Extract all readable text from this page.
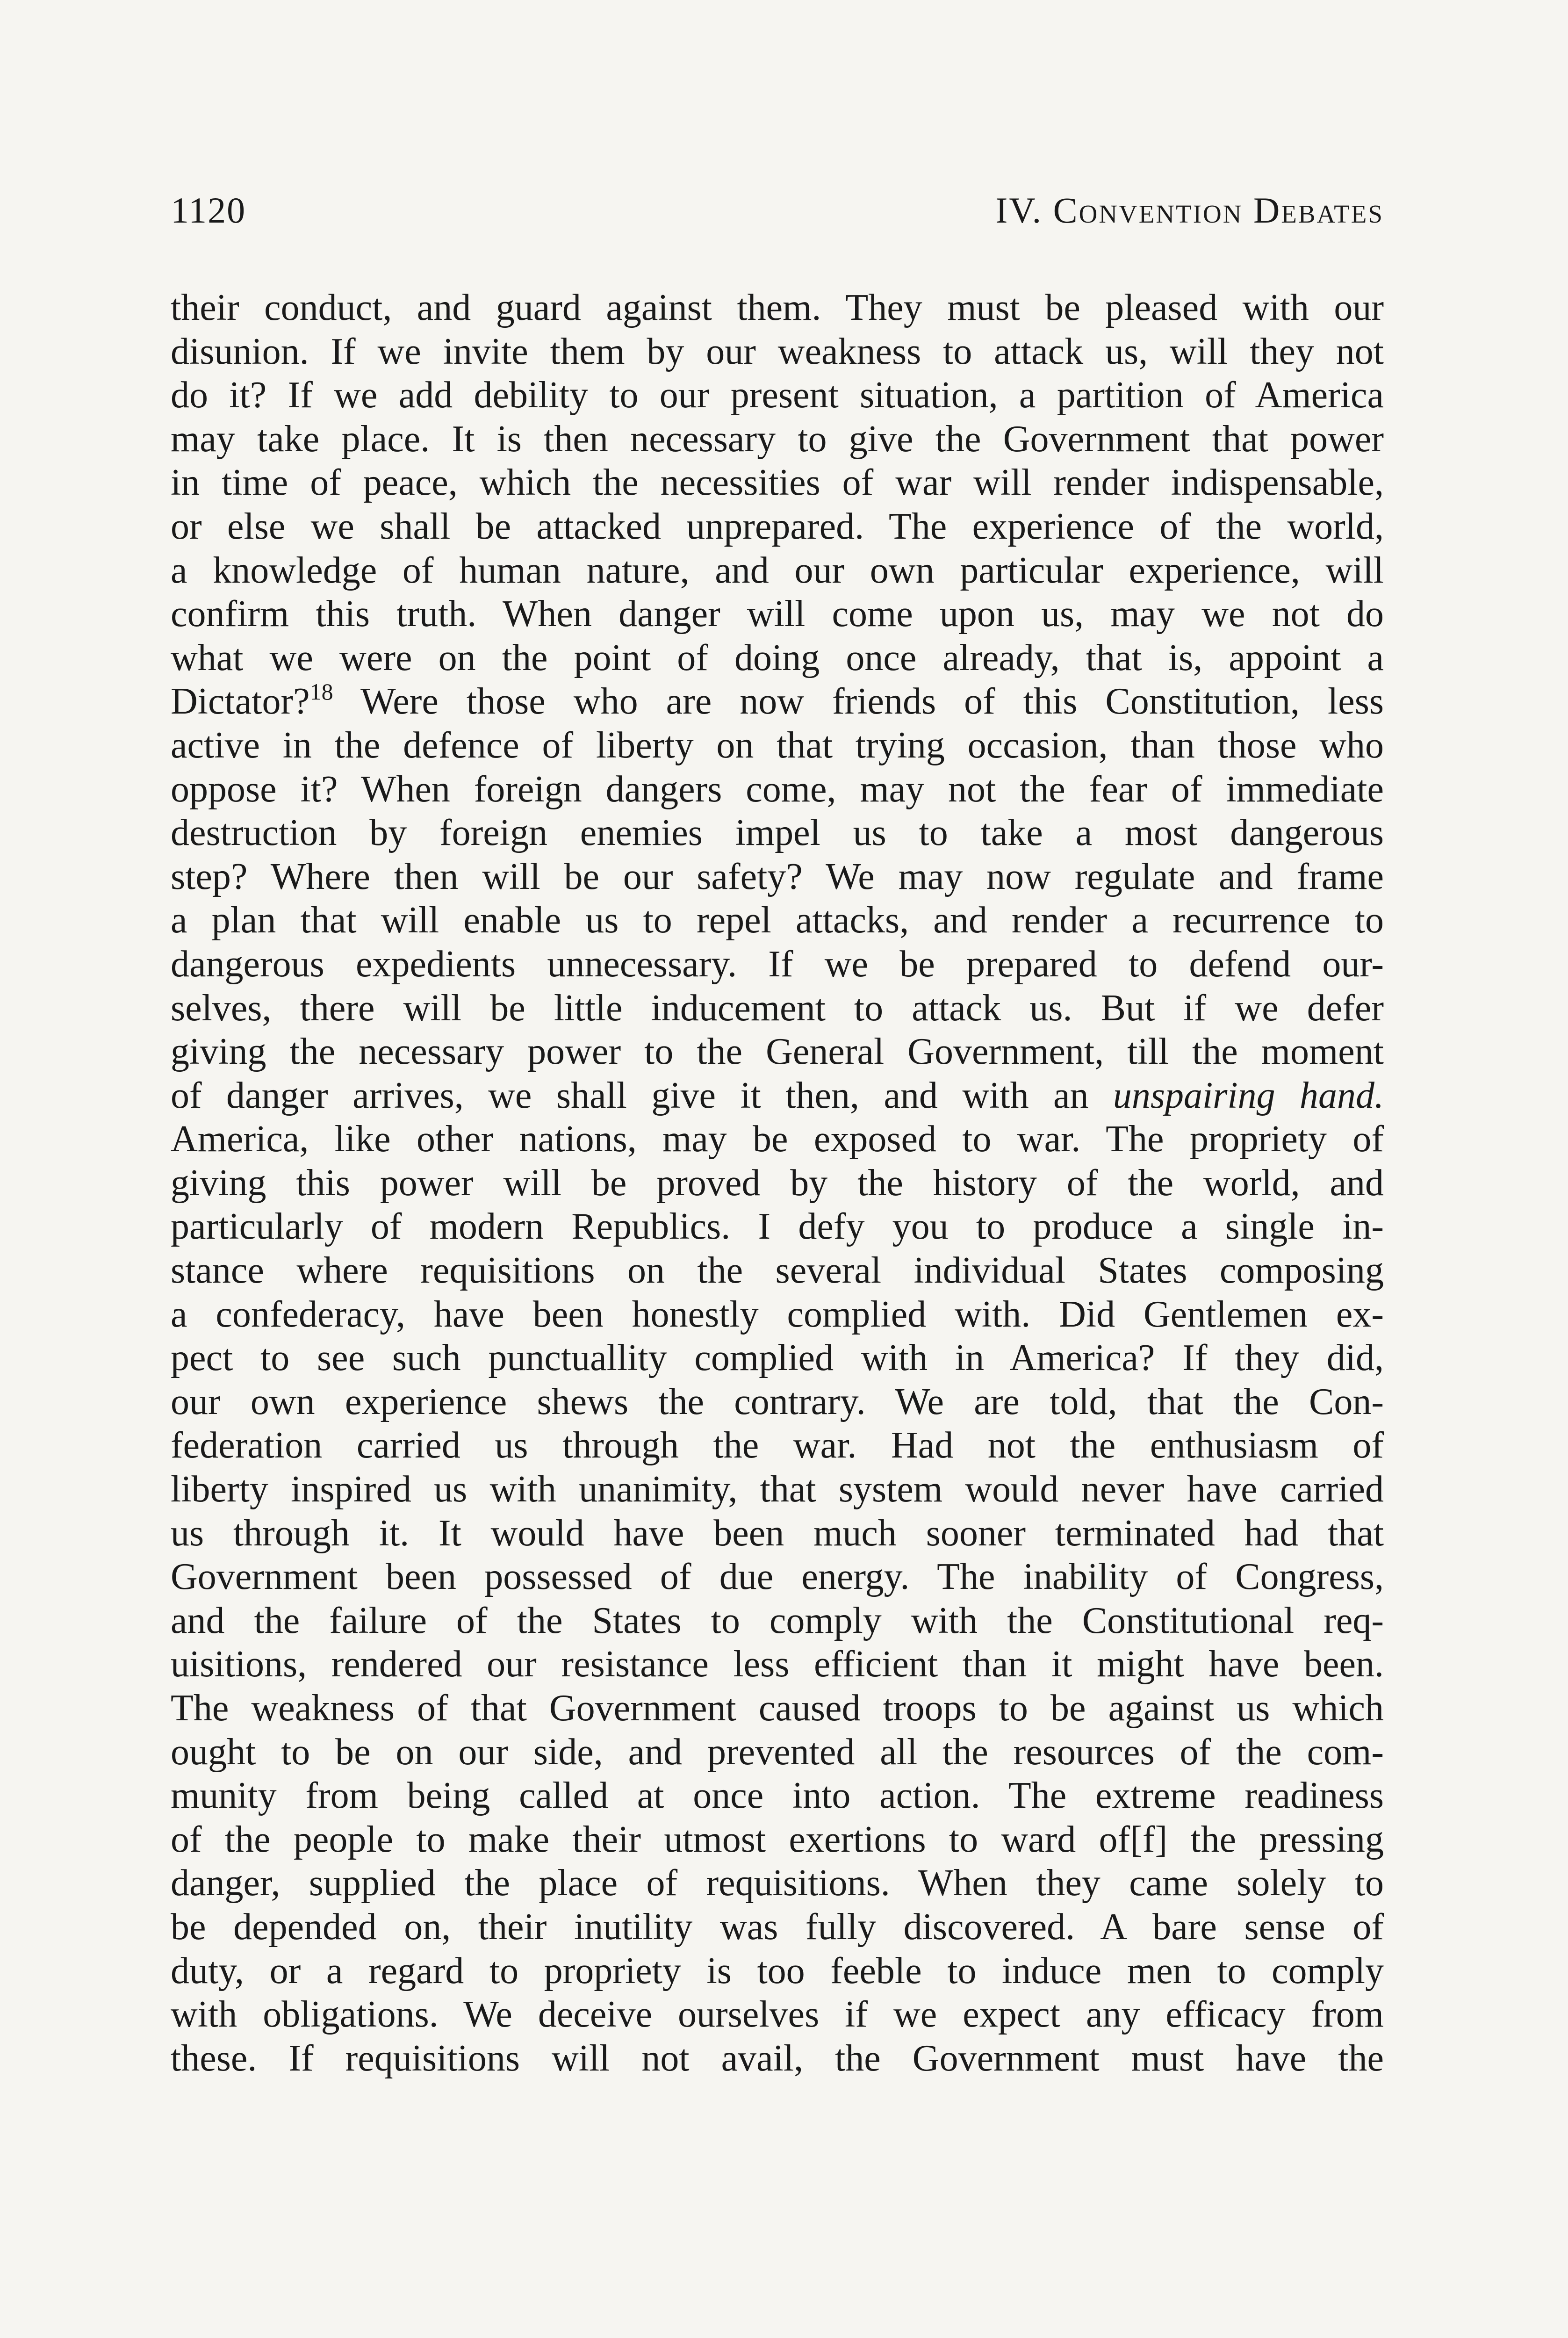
1120	IV. Convention Debates
their conduct, and guard against them. They must be pleased with our
disunion. If we invite them by our weakness to attack us, will they not
do it? If we add debility to our present situation, a partition of America
may take place. It is then necessary to give the Government that power
in time of peace, which the necessities of war will render indispensable,
or else we shall be attacked unprepared. The experience of the world,
a knowledge of human nature, and our own particular experience, will
confirm this truth. When danger will come upon us, may we not do
what we were on the point of doing once already, that is, appoint a
Dictator?$^{18}$ Were those who are now friends of this Constitution, less
active in the defence of liberty on that trying occasion, than those who
oppose it? When foreign dangers come, may not the fear of immediate
destruction by foreign enemies impel us to take a most dangerous
step? Where then will be our safety? We may now regulate and frame
a plan that will enable us to repel attacks, and render a recurrence to
dangerous expedients unnecessary. If we be prepared to defend our-
selves, there will be little inducement to attack us. But if we defer
giving the necessary power to the General Government, till the moment
of danger arrives, we shall give it then, and with an unspairing hand.
America, like other nations, may be exposed to war. The propriety of
giving this power will be proved by the history of the world, and
particularly of modern Republics. I defy you to produce a single in-
stance where requisitions on the several individual States composing
a confederacy, have been honestly complied with. Did Gentlemen ex-
pect to see such punctuallity complied with in America? If they did,
our own experience shews the contrary. We are told, that the Con-
federation carried us through the war. Had not the enthusiasm of
liberty inspired us with unanimity, that system would never have carried
us through it. It would have been much sooner terminated had that
Government been possessed of due energy. The inability of Congress,
and the failure of the States to comply with the Constitutional req-
uisitions, rendered our resistance less efficient than it might have been.
The weakness of that Government caused troops to be against us which
ought to be on our side, and prevented all the resources of the com-
munity from being called at once into action. The extreme readiness
of the people to make their utmost exertions to ward of[f] the pressing
danger, supplied the place of requisitions. When they came solely to
be depended on, their inutility was fully discovered. A bare sense of
duty, or a regard to propriety is too feeble to induce men to comply
with obligations. We deceive ourselves if we expect any efficacy from
these. If requisitions will not avail, the Government must have the
